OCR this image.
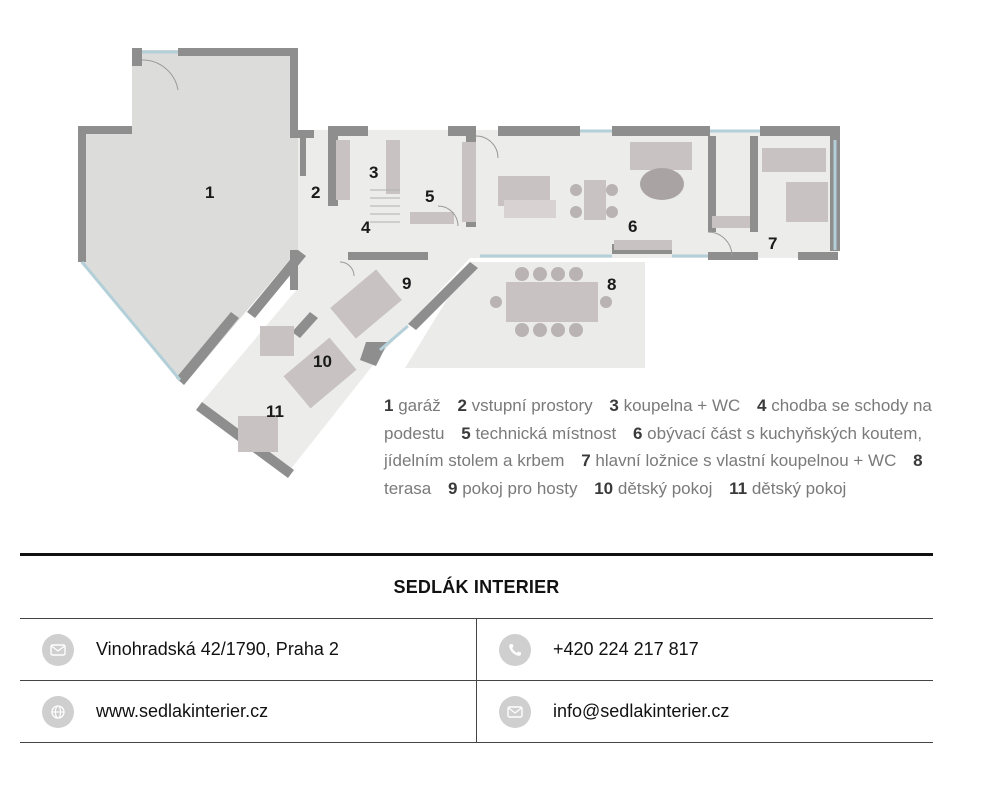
1	2
3
4
5
6
7
8
9
10
11	1 garáž 2 vstupní prostory 3 koupelna + WC 4 chodba se schody na podestu 5 technická místnost 6 obývací část s kuchyňských koutem, jídelním stolem a krbem 7 hlavní ložnice s vlastní koupelnou + WC 8 terasa 9 pokoj pro hosty 10 dětský pokoj 11 dětský pokoj
SEDLÁK INTERIER
Vinohradská 42/1790, Praha 2	+420 224 217 817
www.sedlakinterier.cz	info@sedlakinterier.cz
